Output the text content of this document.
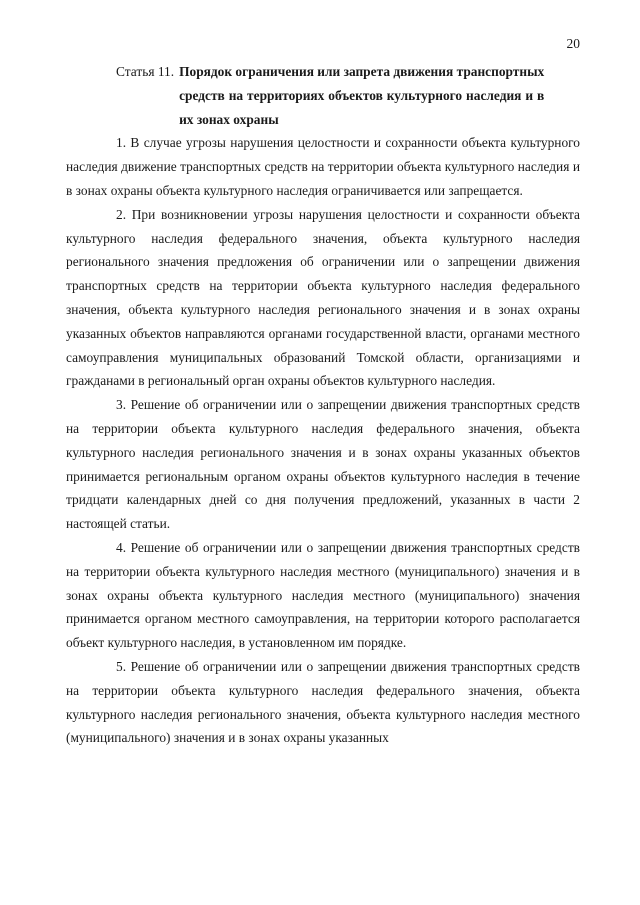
20
Статья 11. Порядок ограничения или запрета движения транспортных
средств на территориях объектов культурного наследия и в
их зонах охраны

1. В случае угрозы нарушения целостности и сохранности объекта культурного наследия движение транспортных средств на территории объекта культурного наследия и в зонах охраны объекта культурного наследия ограничивается или запрещается.

2. При возникновении угрозы нарушения целостности и сохранности объекта культурного наследия федерального значения, объекта культурного наследия регионального значения предложения об ограничении или о запрещении движения транспортных средств на территории объекта культурного наследия федерального значения, объекта культурного наследия регионального значения и в зонах охраны указанных объектов направляются органами государственной власти, органами местного самоуправления муниципальных образований Томской области, организациями и гражданами в региональный орган охраны объектов культурного наследия.

3. Решение об ограничении или о запрещении движения транспортных средств на территории объекта культурного наследия федерального значения, объекта культурного наследия регионального значения и в зонах охраны указанных объектов принимается региональным органом охраны объектов культурного наследия в течение тридцати календарных дней со дня получения предложений, указанных в части 2 настоящей статьи.

4. Решение об ограничении или о запрещении движения транспортных средств на территории объекта культурного наследия местного (муниципального) значения и в зонах охраны объекта культурного наследия местного (муниципального) значения принимается органом местного самоуправления, на территории которого располагается объект культурного наследия, в установленном им порядке.

5. Решение об ограничении или о запрещении движения транспортных средств на территории объекта культурного наследия федерального значения, объекта культурного наследия регионального значения, объекта культурного наследия местного (муниципального) значения и в зонах охраны указанных
